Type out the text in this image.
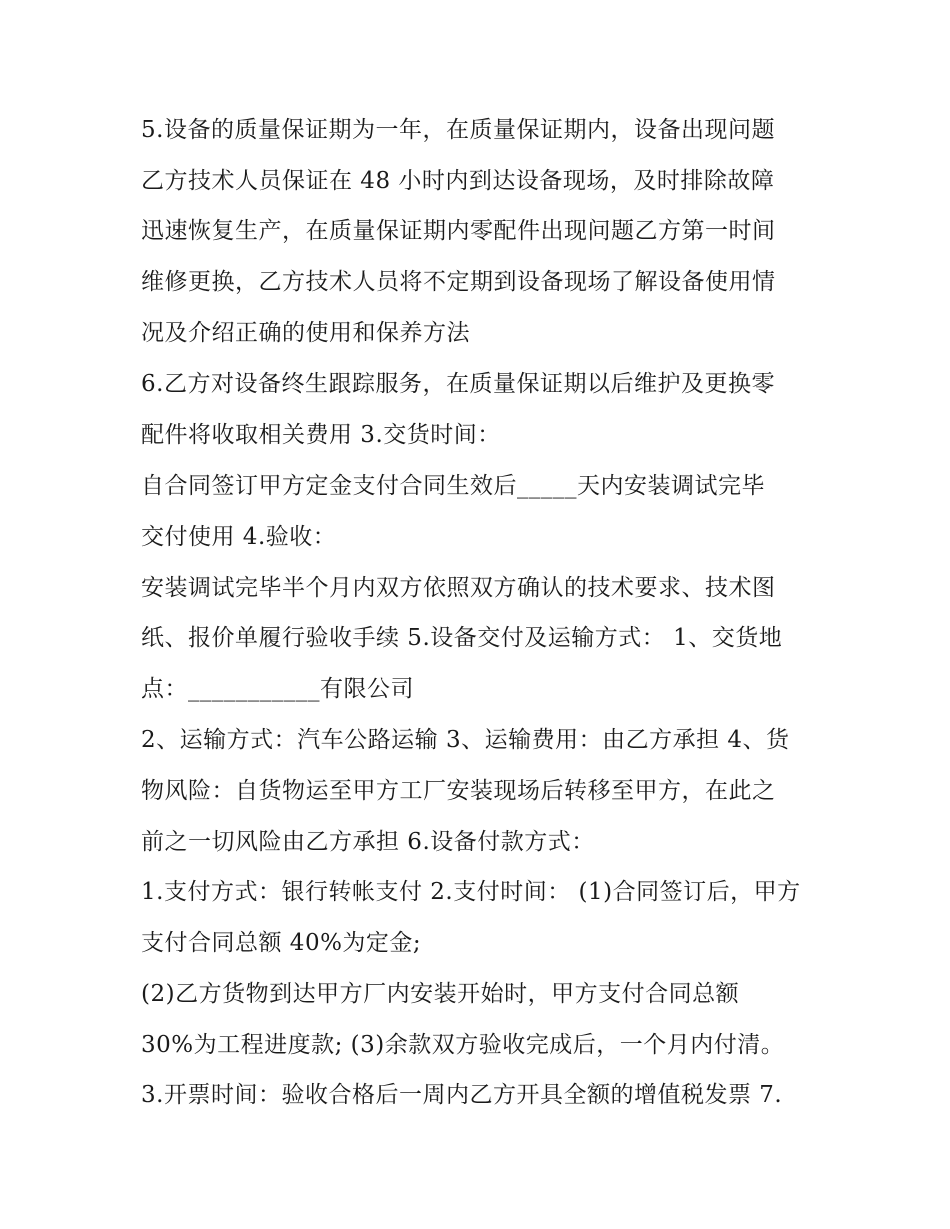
5.设备的质量保证期为一年，在质量保证期内，设备出现问题
乙方技术人员保证在 48 小时内到达设备现场，及时排除故障
迅速恢复生产，在质量保证期内零配件出现问题乙方第一时间
维修更换，乙方技术人员将不定期到设备现场了解设备使用情
况及介绍正确的使用和保养方法
6.乙方对设备终生跟踪服务，在质量保证期以后维护及更换零
配件将收取相关费用 3.交货时间：
自合同签订甲方定金支付合同生效后_____天内安装调试完毕
交付使用 4.验收：
安装调试完毕半个月内双方依照双方确认的技术要求、技术图
纸、报价单履行验收手续 5.设备交付及运输方式： 1、交货地
点：___________有限公司
2、运输方式：汽车公路运输 3、运输费用：由乙方承担 4、货
物风险：自货物运至甲方工厂安装现场后转移至甲方，在此之
前之一切风险由乙方承担 6.设备付款方式：
1.支付方式：银行转帐支付 2.支付时间： (1)合同签订后，甲方
支付合同总额 40%为定金;
(2)乙方货物到达甲方厂内安装开始时，甲方支付合同总额
30%为工程进度款; (3)余款双方验收完成后，一个月内付清。
3.开票时间：验收合格后一周内乙方开具全额的增值税发票 7.
